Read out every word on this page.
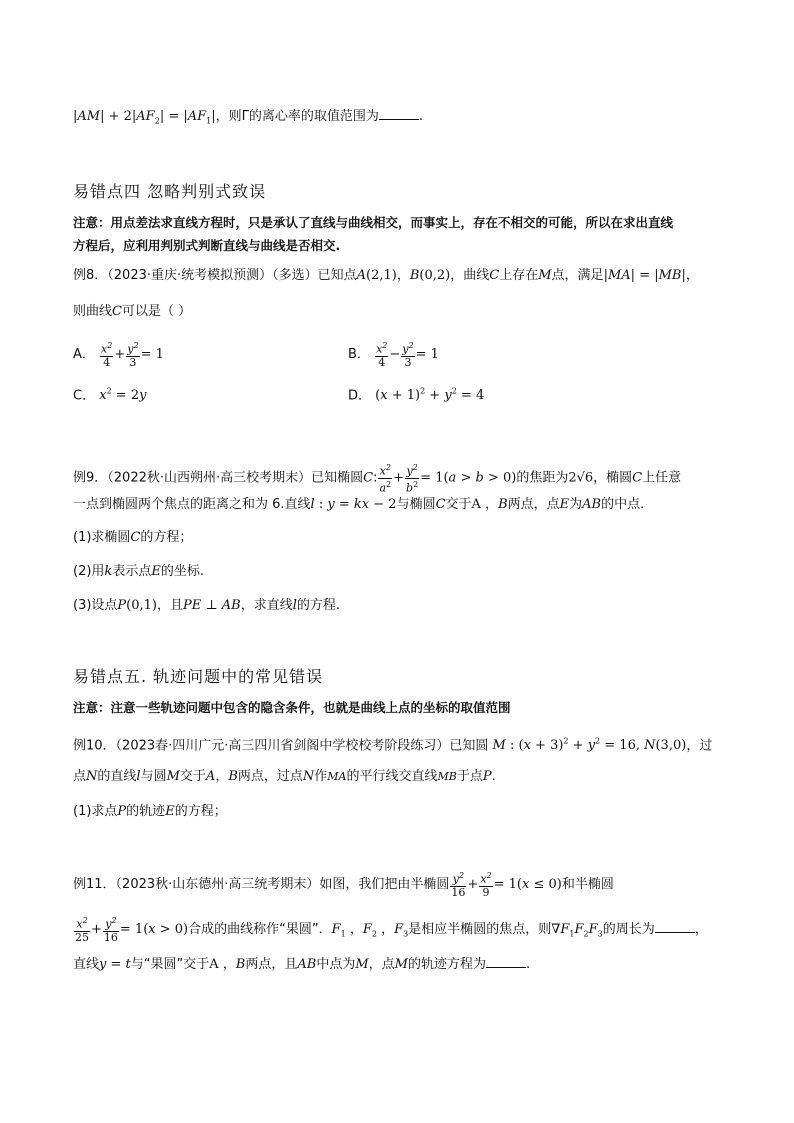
$|AM| + 2|AF_2| = |AF_1|$，则Γ的离心率的取值范围为	.
易错点四 忽略判别式致误
注意：用点差法求直线方程时，只是承认了直线与曲线相交，而事实上，存在不相交的可能，所以在求出直线
方程后，应利用判别式判断直线与曲线是否相交.
例8．（2023·重庆·统考模拟预测）（多选）已知点A(2,1)，B(0,2)，曲线C上存在M点，满足|MA| = |MB|，
则曲线C可以是（ ）
A． $\frac{x^2}{4} + \frac{y^2}{3} = 1$	B． $\frac{x^2}{4} - \frac{y^2}{3} = 1$
C． $x^2 = 2y$	D． $(x + 1)^2 + y^2 = 4$
例9．（2022秋·山西朔州·高三校考期末）已知椭圆C: $\frac{x^2}{a^2} + \frac{y^2}{b^2} = 1(a > b > 0)$的焦距为2√6，椭圆C上任意
一点到椭圆两个焦点的距离之和为 6.直线l : y = kx − 2与椭圆C交于A ，B两点，点E为AB的中点.
(1)求椭圆C的方程；
(2)用k表示点E的坐标.
(3)设点P(0,1)，且PE ⊥ AB，求直线l的方程.
易错点五. 轨迹问题中的常见错误
注意：注意一些轨迹问题中包含的隐含条件，也就是曲线上点的坐标的取值范围
例10．（2023春·四川广元·高三四川省剑阁中学校校考阶段练习）已知圆 M : $(x + 3)^2 + y^2 = 16$, N(3,0)，过
点N的直线l与圆M交于A，B两点，过点N作MA的平行线交直线MB于点P.
(1)求点P的轨迹E的方程；
例11．（2023秋·山东德州·高三统考期末）如图，我们把由半椭圆 $\frac{y^2}{16} + \frac{x^2}{9} = 1(x \le 0)$和半椭圆
$\frac{x^2}{25} + \frac{y^2}{16} = 1(x > 0)$合成的曲线称作“果圆”．$F_1$ ，$F_2$ ，$F_3$是相应半椭圆的焦点，则$\nabla F_1F_2F_3$的周长为	，
直线y = t与“果圆”交于A ，B两点，且AB中点为M，点M的轨迹方程为	.
